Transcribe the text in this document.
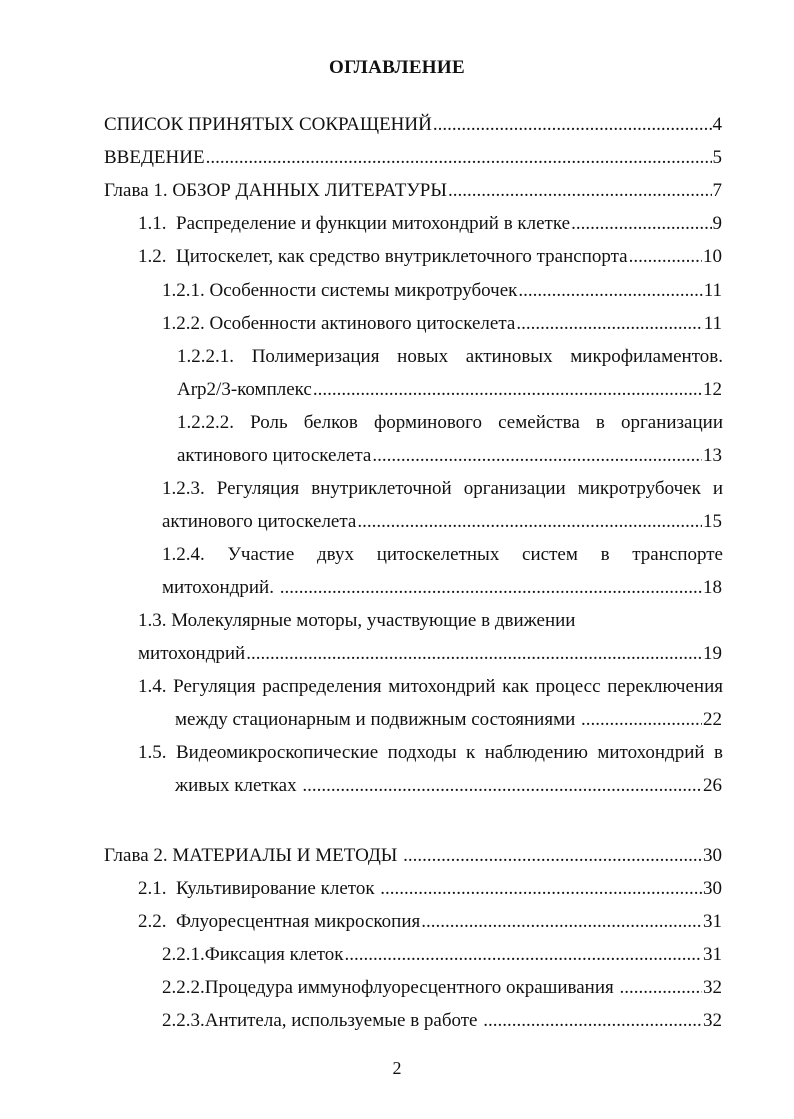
ОГЛАВЛЕНИЕ
СПИСОК ПРИНЯТЫХ СОКРАЩЕНИЙ .....	4
ВВЕДЕНИЕ .....	5
Глава 1. ОБЗОР ДАННЫХ ЛИТЕРАТУРЫ .....	7
1.1.  Распределение и функции митохондрий в клетке .....	9
1.2.  Цитоскелет, как средство внутриклеточного транспорта .....	10
1.2.1. Особенности системы микротрубочек .....	11
1.2.2. Особенности актинового цитоскелета .....	11
1.2.2.1. Полимеризация новых актиновых микрофиламентов.
Arp2/3-комплекс .....	12
1.2.2.2. Роль белков форминового семейства в организации
актинового цитоскелета .....	13
1.2.3. Регуляция внутриклеточной организации микротрубочек и
актинового цитоскелета .....	15
1.2.4. Участие двух цитоскелетных систем в транспорте
митохондрий. .....	18
1.3. Молекулярные моторы, участвующие в движении
митохондрий .....	19
1.4. Регуляция распределения митохондрий как процесс переключения
между стационарным и подвижным состояниями .....	22
1.5. Видеомикроскопические подходы к наблюдению митохондрий в
живых клетках .....	26
Глава 2. МАТЕРИАЛЫ И МЕТОДЫ .....	30
2.1.  Культивирование клеток .....	30
2.2.  Флуоресцентная микроскопия .....	31
2.2.1. Фиксация клеток .....	31
2.2.2. Процедура иммунофлуоресцентного окрашивания .....	32
2.2.3. Антитела, используемые в работе .....	32
2
